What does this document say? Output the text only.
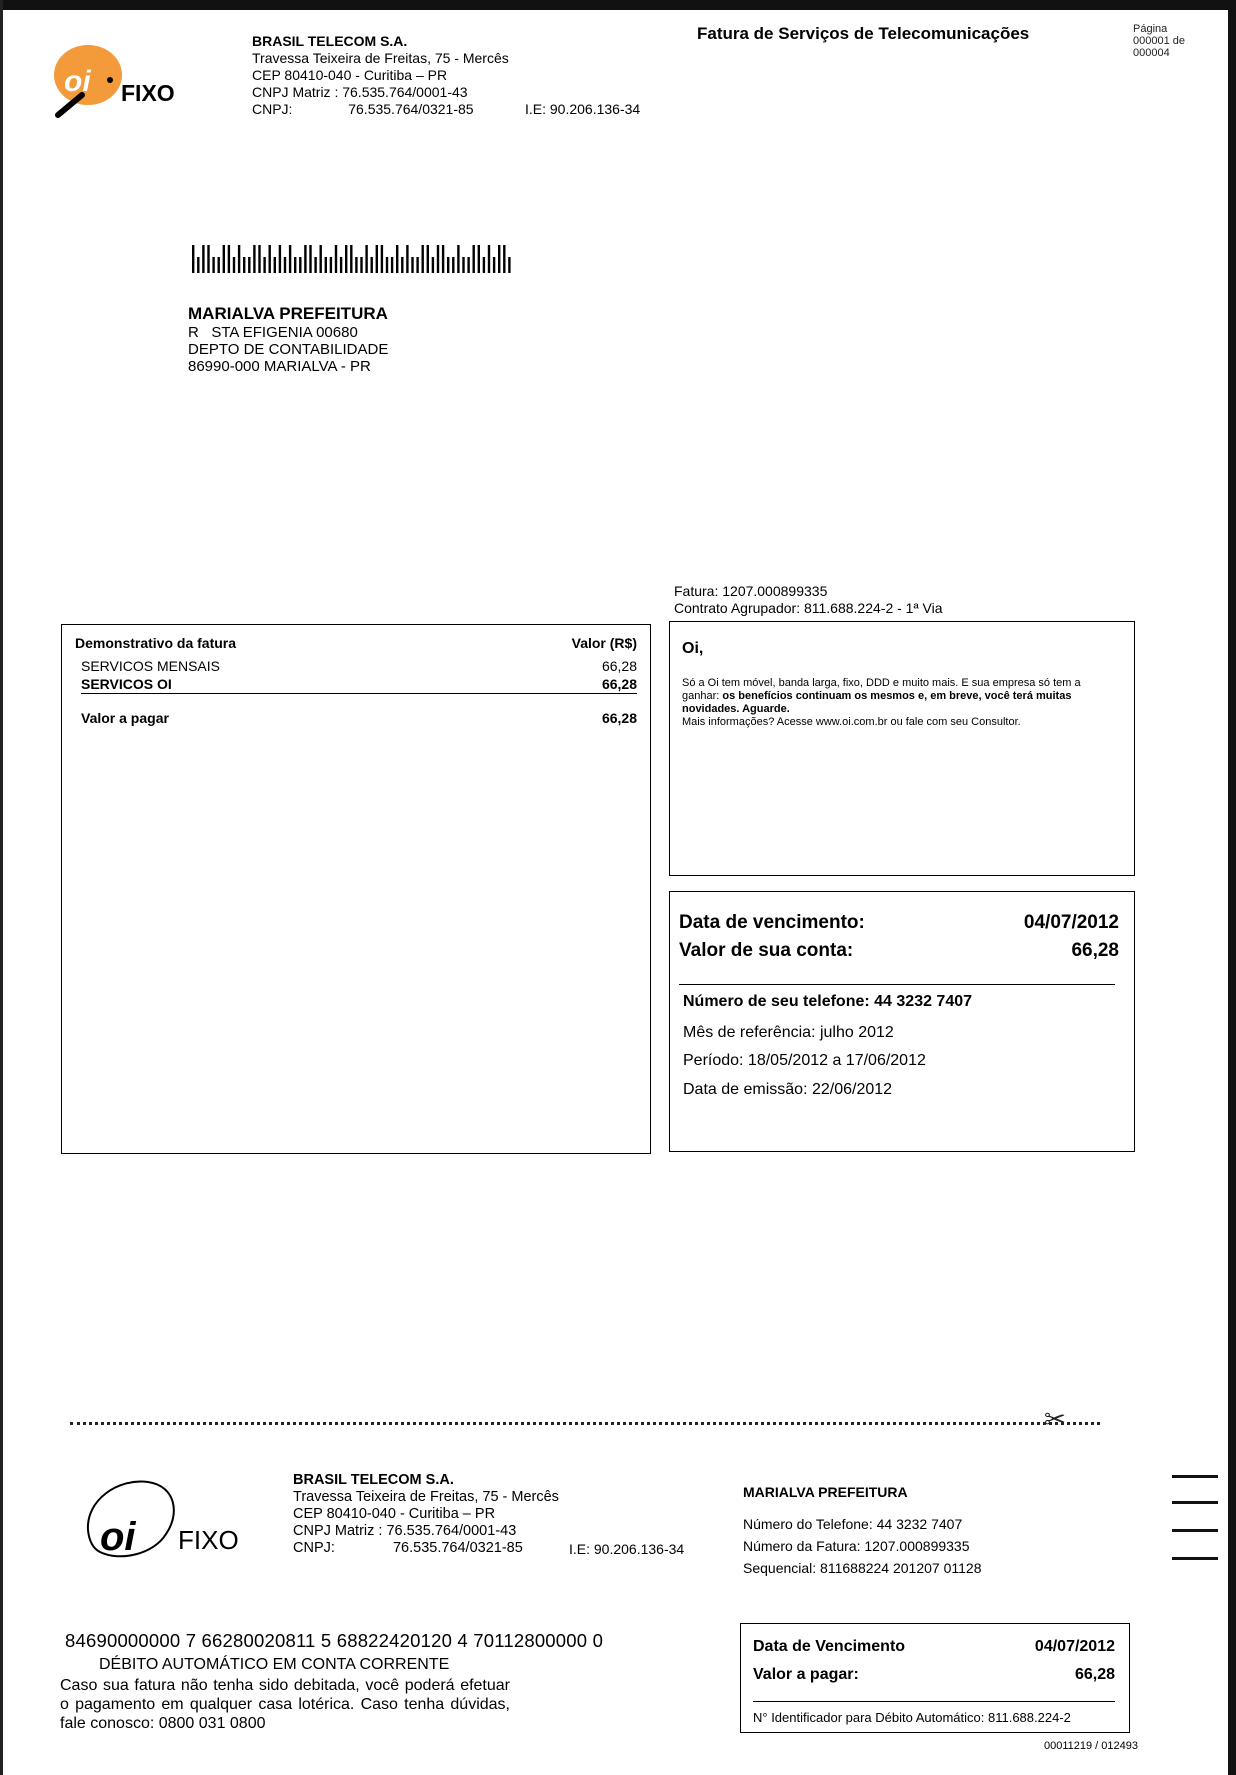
oi FIXO
BRASIL TELECOM S.A.
Travessa Teixeira de Freitas, 75 - Mercês
CEP 80410-040 - Curitiba – PR
CNPJ Matriz : 76.535.764/0001-43
CNPJ:	76.535.764/0321-85	I.E: 90.206.136-34
Fatura de Serviços de Telecomunicações	Página
000001 de
000004
MARIALVA PREFEITURA
R   STA EFIGENIA 00680
DEPTO DE CONTABILIDADE
86990-000 MARIALVA - PR
Fatura: 1207.000899335
Contrato Agrupador: 811.688.224-2 - 1ª Via
Demonstrativo da fatura	Valor (R$)
SERVICOS MENSAIS	66,28
SERVICOS OI	66,28
Valor a pagar	66,28
Oi,
Só a Oi tem móvel, banda larga, fixo, DDD e muito mais. E sua empresa só tem a ganhar: os benefícios continuam os mesmos e, em breve, você terá muitas novidades. Aguarde.
Mais informações? Acesse www.oi.com.br ou fale com seu Consultor.
Data de vencimento:	04/07/2012
Valor de sua conta:	66,28
Número de seu telefone: 44 3232 7407
Mês de referência: julho 2012
Período: 18/05/2012 a 17/06/2012
Data de emissão: 22/06/2012
✂
oi FIXO
BRASIL TELECOM S.A.
Travessa Teixeira de Freitas, 75 - Mercês
CEP 80410-040 - Curitiba – PR
CNPJ Matriz : 76.535.764/0001-43
CNPJ:	76.535.764/0321-85	I.E: 90.206.136-34
MARIALVA PREFEITURA
Número do Telefone: 44 3232 7407
Número da Fatura: 1207.000899335
Sequencial: 811688224 201207 01128
84690000000 7 66280020811 5 68822420120 4 70112800000 0
DÉBITO AUTOMÁTICO EM CONTA CORRENTE
Caso sua fatura não tenha sido debitada, você poderá efetuar o pagamento em qualquer casa lotérica. Caso tenha dúvidas, fale conosco: 0800 031 0800
Data de Vencimento	04/07/2012
Valor a pagar:	66,28
N° Identificador para Débito Automático: 811.688.224-2
00011219 / 012493
